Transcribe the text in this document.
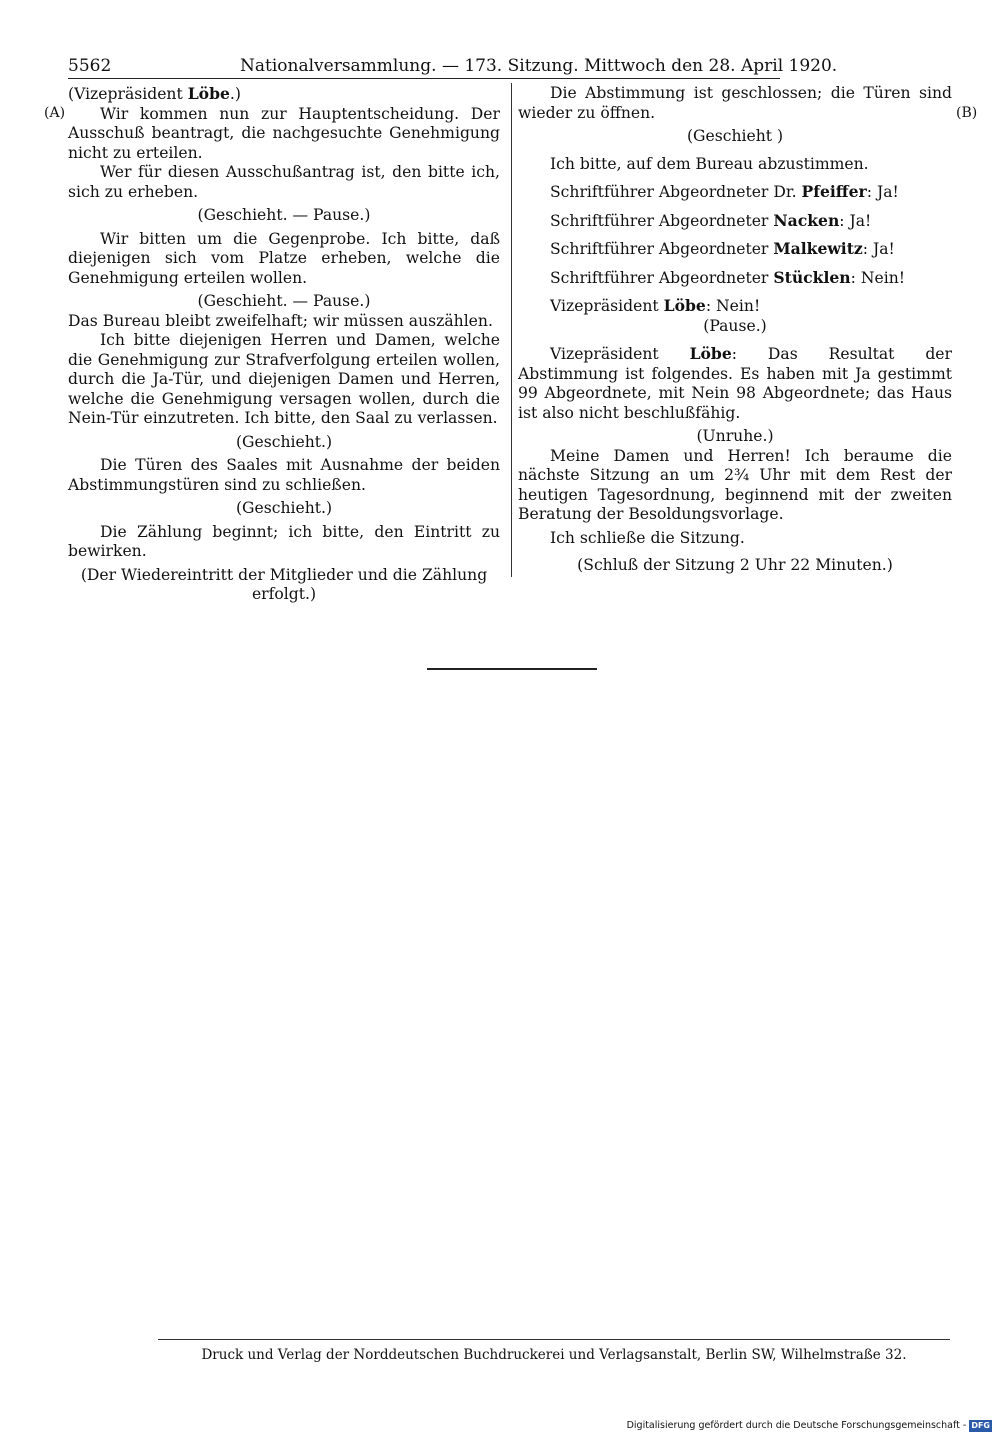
5562	Nationalversammlung. — 173. Sitzung. Mittwoch den 28. April 1920.
(A)	(B)

(Vizepräsident Löbe.)

Wir kommen nun zur Hauptentscheidung. Der Ausschuß beantragt, die nachgesuchte Genehmigung nicht zu erteilen.

Wer für diesen Ausschußantrag ist, den bitte ich, sich zu erheben.

(Geschieht. — Pause.)

Wir bitten um die Gegenprobe. Ich bitte, daß diejenigen sich vom Platze erheben, welche die Genehmigung erteilen wollen.

(Geschieht. — Pause.)

Das Bureau bleibt zweifelhaft; wir müssen auszählen.

Ich bitte diejenigen Herren und Damen, welche die Genehmigung zur Strafverfolgung erteilen wollen, durch die Ja-Tür, und diejenigen Damen und Herren, welche die Genehmigung versagen wollen, durch die Nein-Tür einzutreten. Ich bitte, den Saal zu verlassen.

(Geschieht.)

Die Türen des Saales mit Ausnahme der beiden Abstimmungstüren sind zu schließen.

(Geschieht.)

Die Zählung beginnt; ich bitte, den Eintritt zu bewirken.

(Der Wiedereintritt der Mitglieder und die Zählung erfolgt.)

Die Abstimmung ist geschlossen; die Türen sind wieder zu öffnen.

(Geschieht )

Ich bitte, auf dem Bureau abzustimmen.

Schriftführer Abgeordneter Dr. Pfeiffer: Ja!

Schriftführer Abgeordneter Nacken: Ja!

Schriftführer Abgeordneter Malkewitz: Ja!

Schriftführer Abgeordneter Stücklen: Nein!

Vizepräsident Löbe: Nein!

(Pause.)

Vizepräsident Löbe: Das Resultat der Abstimmung ist folgendes. Es haben mit Ja gestimmt 99 Abgeordnete, mit Nein 98 Abgeordnete; das Haus ist also nicht beschlußfähig.

(Unruhe.)

Meine Damen und Herren! Ich beraume die nächste Sitzung an um 2¾ Uhr mit dem Rest der heutigen Tagesordnung, beginnend mit der zweiten Beratung der Besoldungsvorlage.

Ich schließe die Sitzung.

(Schluß der Sitzung 2 Uhr 22 Minuten.)

Druck und Verlag der Norddeutschen Buchdruckerei und Verlagsanstalt, Berlin SW, Wilhelmstraße 32.
Digitalisierung gefördert durch die Deutsche Forschungsgemeinschaft - DFG
